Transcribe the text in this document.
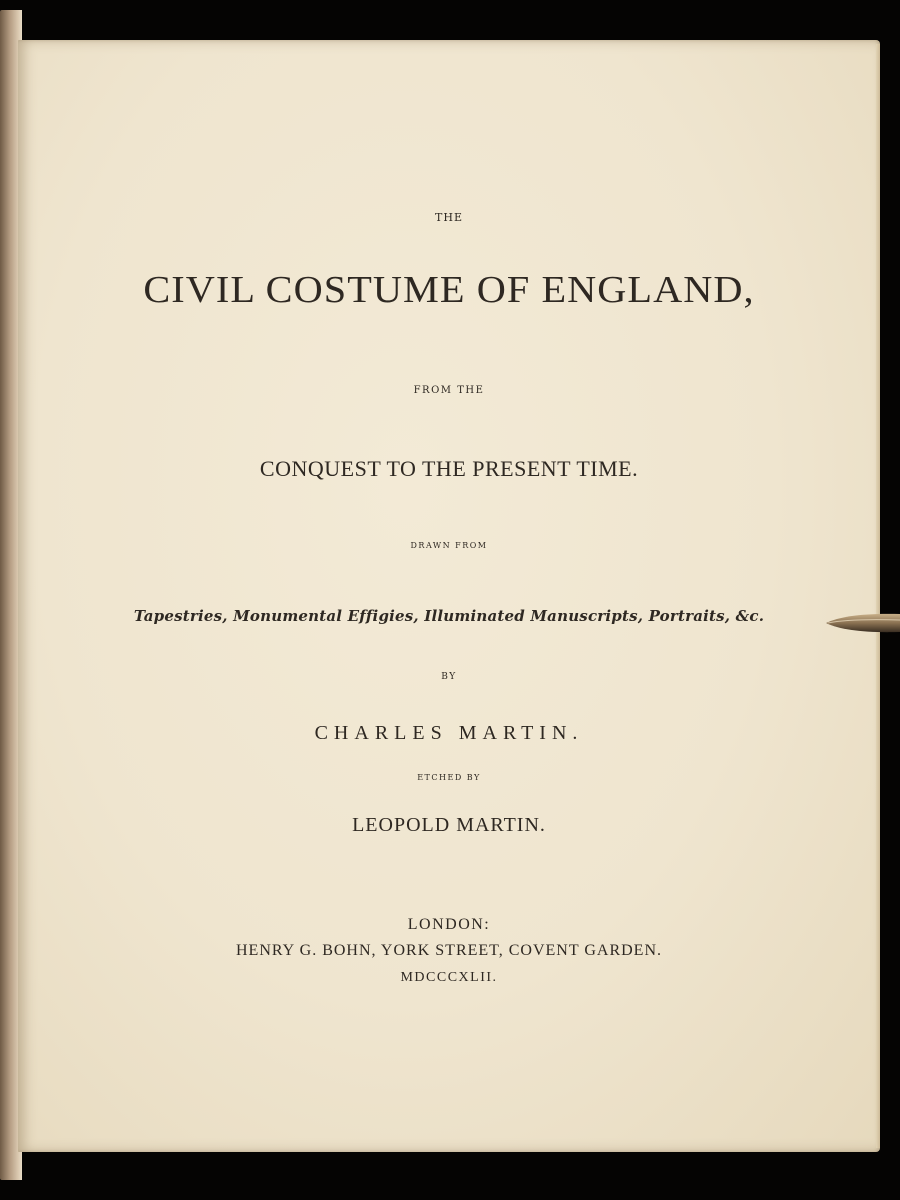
THE
CIVIL COSTUME OF ENGLAND,
FROM THE
CONQUEST TO THE PRESENT TIME.
DRAWN FROM
Tapestries, Monumental Effigies, Illuminated Manuscripts, Portraits, &c.
BY
CHARLES MARTIN.
ETCHED BY
LEOPOLD MARTIN.
LONDON:
HENRY G. BOHN, YORK STREET, COVENT GARDEN.
MDCCCXLII.
